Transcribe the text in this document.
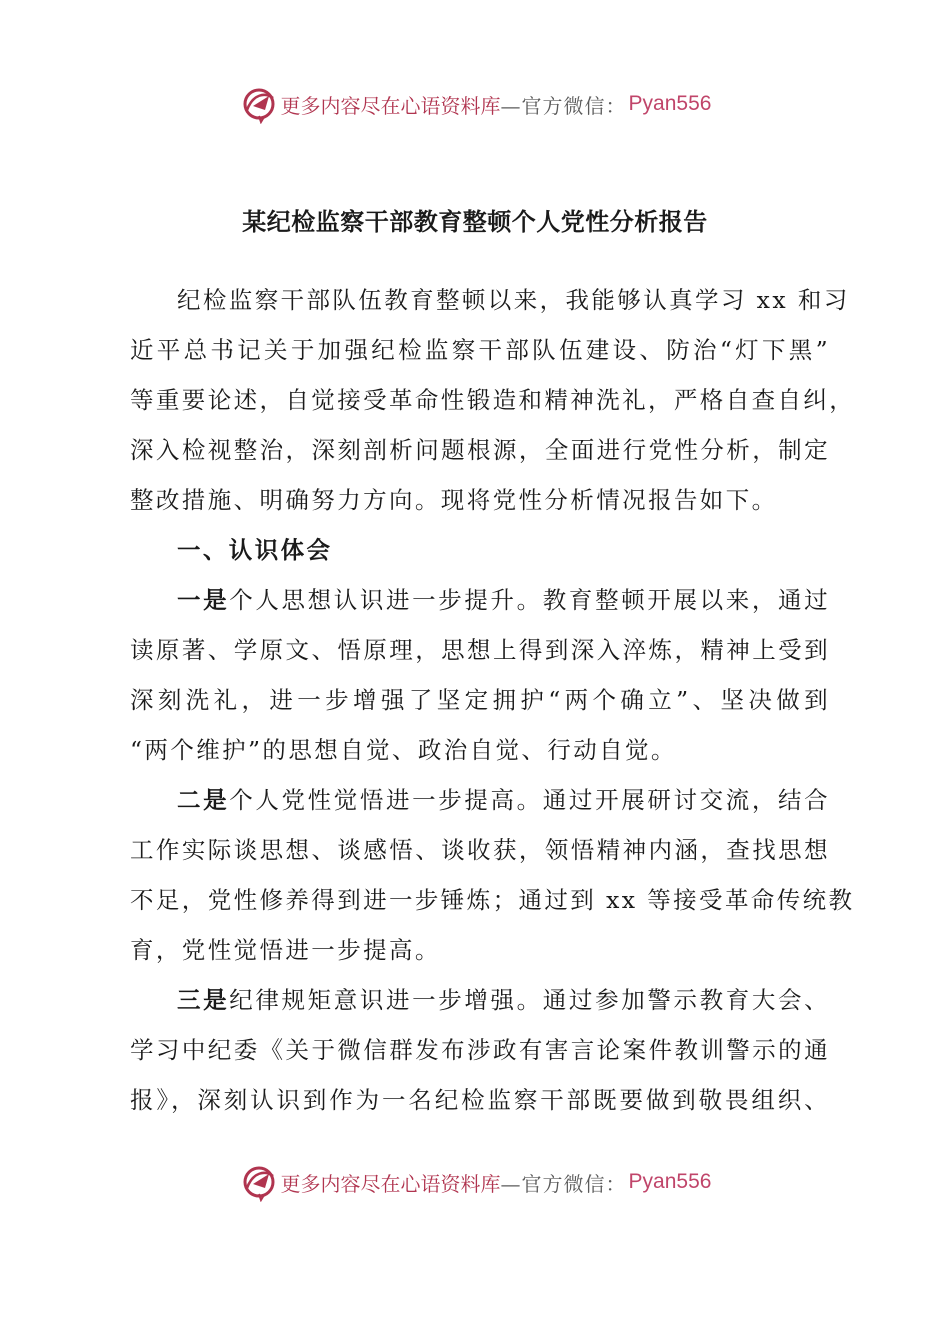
更多内容尽在心语资料库 —官方微信： Pyan556
某纪检监察干部教育整顿个人党性分析报告
纪检监察干部队伍教育整顿以来，我能够认真学习 xx 和习
近平总书记关于加强纪检监察干部队伍建设、防治“灯下黑”
等重要论述，自觉接受革命性锻造和精神洗礼，严格自查自纠，
深入检视整治，深刻剖析问题根源，全面进行党性分析，制定
整改措施、明确努力方向。现将党性分析情况报告如下。
一、认识体会
一是个人思想认识进一步提升。教育整顿开展以来，通过
读原著、学原文、悟原理，思想上得到深入淬炼，精神上受到
深刻洗礼，进一步增强了坚定拥护“两个确立”、坚决做到
“两个维护”的思想自觉、政治自觉、行动自觉。
二是个人党性觉悟进一步提高。通过开展研讨交流，结合
工作实际谈思想、谈感悟、谈收获，领悟精神内涵，查找思想
不足，党性修养得到进一步锤炼；通过到 xx 等接受革命传统教
育，党性觉悟进一步提高。
三是纪律规矩意识进一步增强。通过参加警示教育大会、
学习中纪委《关于微信群发布涉政有害言论案件教训警示的通
报》，深刻认识到作为一名纪检监察干部既要做到敬畏组织、
更多内容尽在心语资料库 —官方微信： Pyan556
